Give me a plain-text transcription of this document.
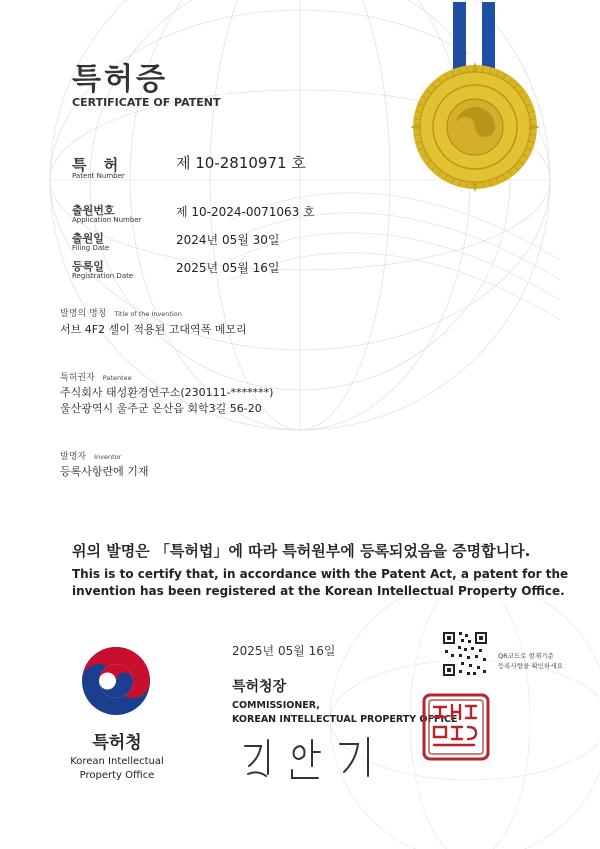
특허증
CERTIFICATE OF PATENT
특 허
Patent Number
제 10-2810971 호
출원번호
Application Number
제 10-2024-0071063 호
출원일
Filing Date
2024년 05월 30일
등록일
Registration Date
2025년 05월 16일
발명의 명칭 Title of the Invention
서브 4F2 셀이 적용된 고대역폭 메모리
특허권자 Patentee
주식회사 태성환경연구소(230111-*******)
울산광역시 울주군 온산읍 회학3길 56-20
발명자 Inventor
등록사항란에 기재
위의 발명은 「특허법」에 따라 특허원부에 등록되었음을 증명합니다.
This is to certify that, in accordance with the Patent Act, a patent for the
invention has been registered at the Korean Intellectual Property Office.
특허청
Korean Intellectual
Property Office
2025년 05월 16일	QR코드로 현재기준
등록사항을 확인하세요
특허청장
COMMISSIONER,
KOREAN INTELLECTUAL PROPERTY OFFICE
